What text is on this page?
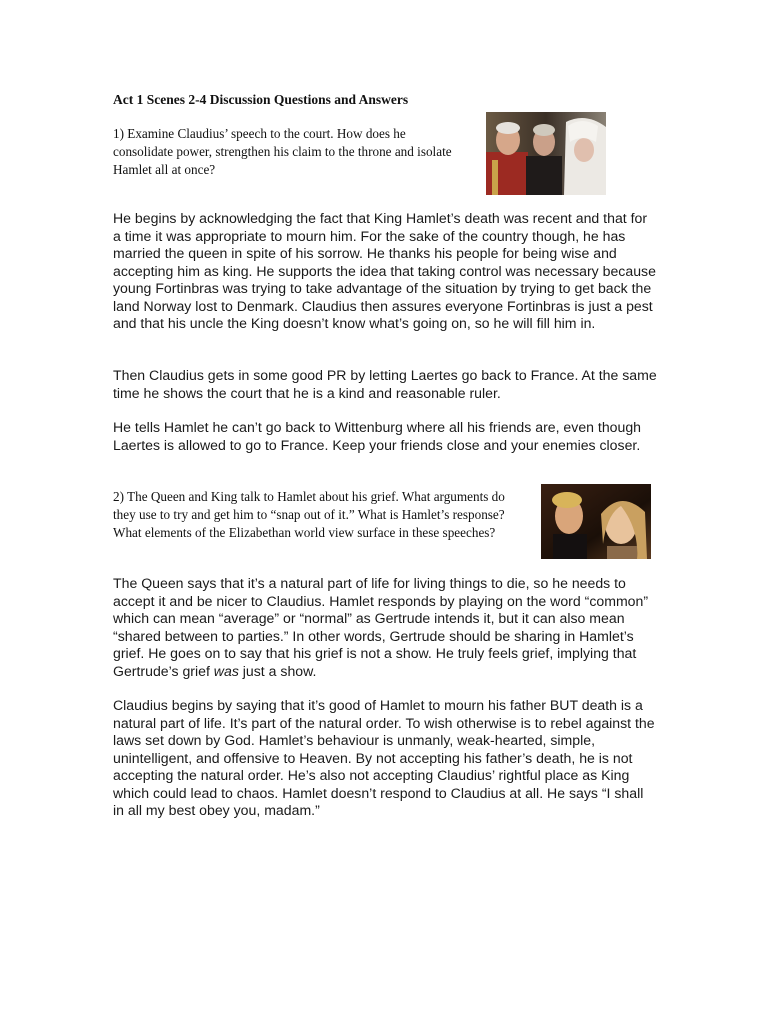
Act 1 Scenes 2-4 Discussion Questions and Answers
1) Examine Claudius’ speech to the court. How does he consolidate power, strengthen his claim to the throne and isolate Hamlet all at once?

He begins by acknowledging the fact that King Hamlet’s death was recent and that for a time it was appropriate to mourn him. For the sake of the country though, he has married the queen in spite of his sorrow. He thanks his people for being wise and accepting him as king. He supports the idea that taking control was necessary because young Fortinbras was trying to take advantage of the situation by trying to get back the land Norway lost to Denmark. Claudius then assures everyone Fortinbras is just a pest and that his uncle the King doesn’t know what’s going on, so he will fill him in.

Then Claudius gets in some good PR by letting Laertes go back to France. At the same time he shows the court that he is a kind and reasonable ruler.

He tells Hamlet he can’t go back to Wittenburg where all his friends are, even though Laertes is allowed to go to France. Keep your friends close and your enemies closer.

2) The Queen and King talk to Hamlet about his grief. What arguments do they use to try and get him to “snap out of it.” What is Hamlet’s response? What elements of the Elizabethan world view surface in these speeches?

The Queen says that it’s a natural part of life for living things to die, so he needs to accept it and be nicer to Claudius. Hamlet responds by playing on the word “common” which can mean “average” or “normal” as Gertrude intends it, but it can also mean “shared between to parties.” In other words, Gertrude should be sharing in Hamlet’s grief. He goes on to say that his grief is not a show. He truly feels grief, implying that Gertrude’s grief was just a show.

Claudius begins by saying that it’s good of Hamlet to mourn his father BUT death is a natural part of life. It’s part of the natural order. To wish otherwise is to rebel against the laws set down by God. Hamlet’s behaviour is unmanly, weak-hearted, simple, unintelligent, and offensive to Heaven. By not accepting his father’s death, he is not accepting the natural order. He’s also not accepting Claudius’ rightful place as King which could lead to chaos. Hamlet doesn’t respond to Claudius at all. He says “I shall in all my best obey you, madam.”
